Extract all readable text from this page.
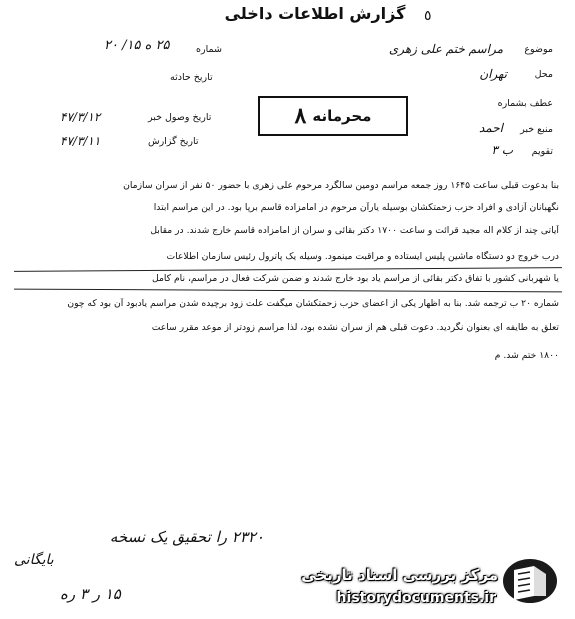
٥
گزارش اطلاعات داخلی
موضوع
مراسم ختم علی زهری
محل
تهران
عطف بشماره
منبع خبر
احمد
تقویم
ب ٣
شماره
۲۵ ه ۱۵/ ۲۰
تاریخ حادثه
تاریخ وصول خبر
۴۷/۳/۱۲
تاریخ گزارش
۴۷/۳/۱۱
محرمانه
۸
بنا بدعوت قبلی ساعت ۱۶۴۵ روز جمعه مراسم دومین سالگرد مرحوم علی زهری با حضور ۵۰ نفر از سران سازمان
نگهبانان آزادی و افراد حزب زحمتکشان بوسیله یارآن مرحوم در امامزاده قاسم برپا بود. در این مراسم ابتدا
آیاتی چند از کلام اله مجید قرائت و ساعت ۱۷۰۰ دکتر بقائی و سران از امامزاده قاسم خارج شدند. در مقابل
درب خروج دو دستگاه ماشین پلیس ایستاده و مراقبت مینمود. وسیله یک پاترول رئیس سازمان اطلاعات
یا شهربانی کشور با تفاق دکتر بقائی از مراسم یاد بود خارج شدند و ضمن شرکت فعال در مراسم، نام کامل
شماره ۲۰ ب ترجمه شد. بنا به اظهار یکی از اعضای حزب زحمتکشان میگفت علت زود برچیده شدن مراسم یادبود آن بود که چون
تعلق به طایفه ای بعنوان نگردید. دعوت قبلی هم از سران نشده بود، لذا مراسم زودتر از موعد مقرر ساعت
۱۸۰۰ ختم شد. م
۲۳۲۰ را تحقیق یک نسخه
بایگانی
۱۵ ر ۳ ره
مرکز بررسی اسناد تاریخی
historydocuments.ir
